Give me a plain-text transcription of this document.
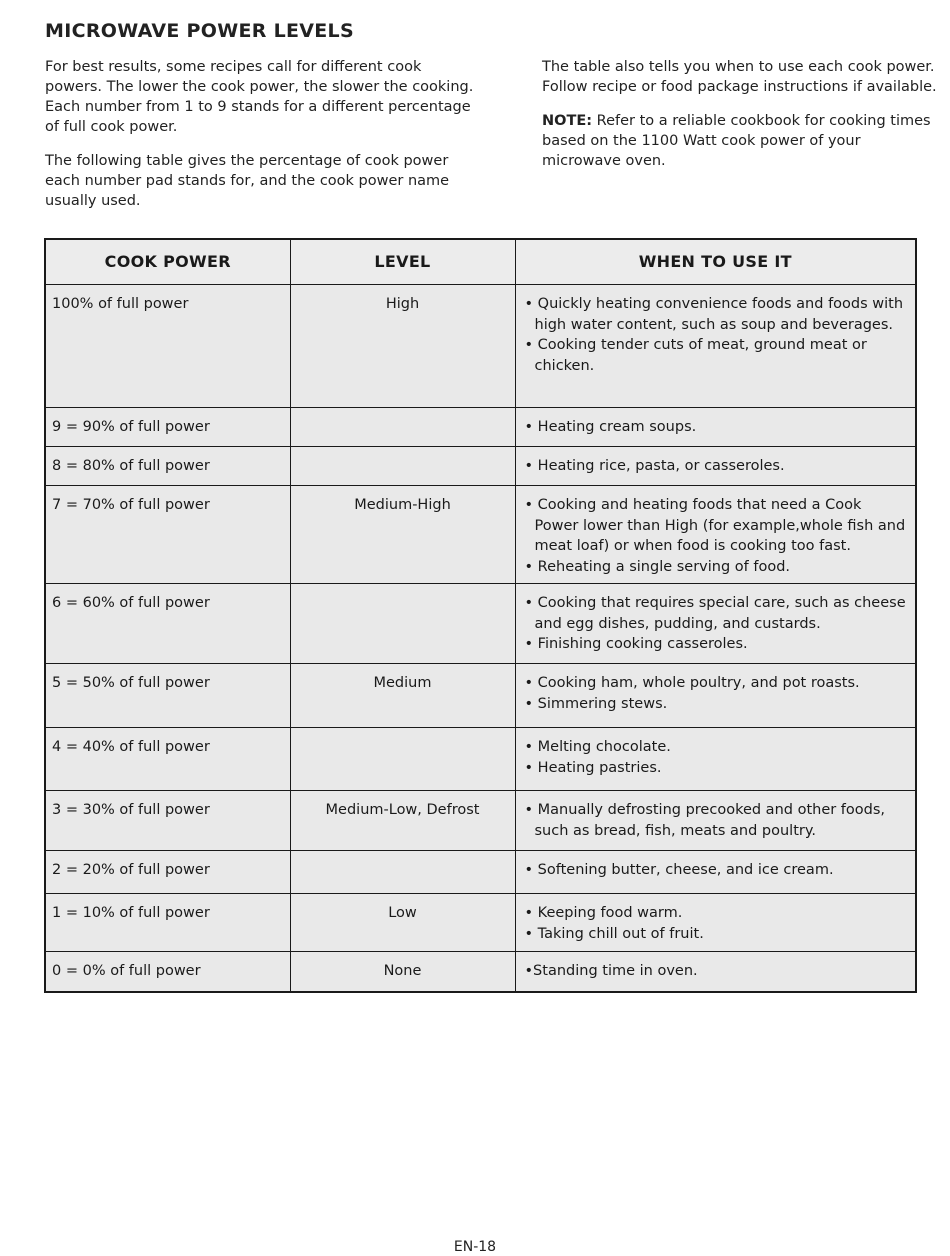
MICROWAVE POWER LEVELS

For best results, some recipes call for different cook powers. The lower the cook power, the slower the cooking. Each number from 1 to 9 stands for a different percentage of full cook power.

The following table gives the percentage of cook power each number pad stands for, and the cook power name usually used.

The table also tells you when to use each cook power. Follow recipe or food package instructions if available.

NOTE: Refer to a reliable cookbook for cooking times based on the 1100 Watt cook power of your microwave oven.

COOK POWER	LEVEL	WHEN TO USE IT
100% of full power	High	• Quickly heating convenience foods and foods with high water content, such as soup and beverages.
• Cooking tender cuts of meat, ground meat or chicken.

9 = 90% of full power		• Heating cream soups.

8 = 80% of full power		• Heating rice, pasta, or casseroles.

7 = 70% of full power	Medium-High	• Cooking and heating foods that need a Cook Power lower than High (for example,whole fish and meat loaf) or when food is cooking too fast.
• Reheating a single serving of food.

6 = 60% of full power		• Cooking that requires special care, such as cheese and egg dishes, pudding, and custards.
• Finishing cooking casseroles.

5 = 50% of full power	Medium	• Cooking ham, whole poultry, and pot roasts.
• Simmering stews.

4 = 40% of full power		• Melting chocolate.
• Heating pastries.

3 = 30% of full power	Medium-Low, Defrost	• Manually defrosting precooked and other foods, such as bread, fish, meats and poultry.

2 = 20% of full power		• Softening butter, cheese, and ice cream.

1 = 10% of full power	Low	• Keeping food warm.
• Taking chill out of fruit.

0 = 0% of full power	None	•Standing time in oven.
EN-18
